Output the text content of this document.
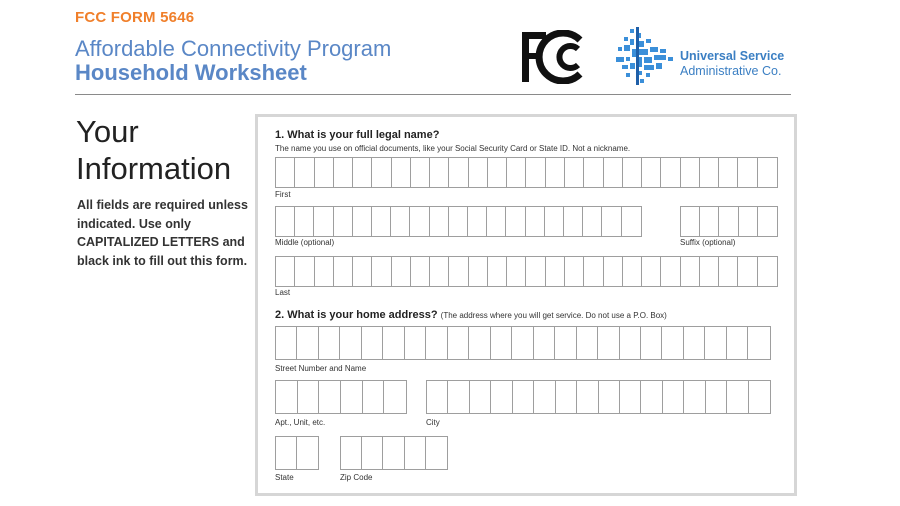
FCC FORM 5646
Affordable Connectivity Program
Household Worksheet
Universal Service
Administrative Co.
Your
Information
All fields are required unless indicated. Use only CAPITALIZED LETTERS and black ink to fill out this form.
1. What is your full legal name?
The name you use on official documents, like your Social Security Card or State ID. Not a nickname.
First
Middle (optional)	Suffix (optional)
Last
2. What is your home address? (The address where you will get service. Do not use a P.O. Box)
Street Number and Name
Apt., Unit, etc.	City
State	Zip Code
